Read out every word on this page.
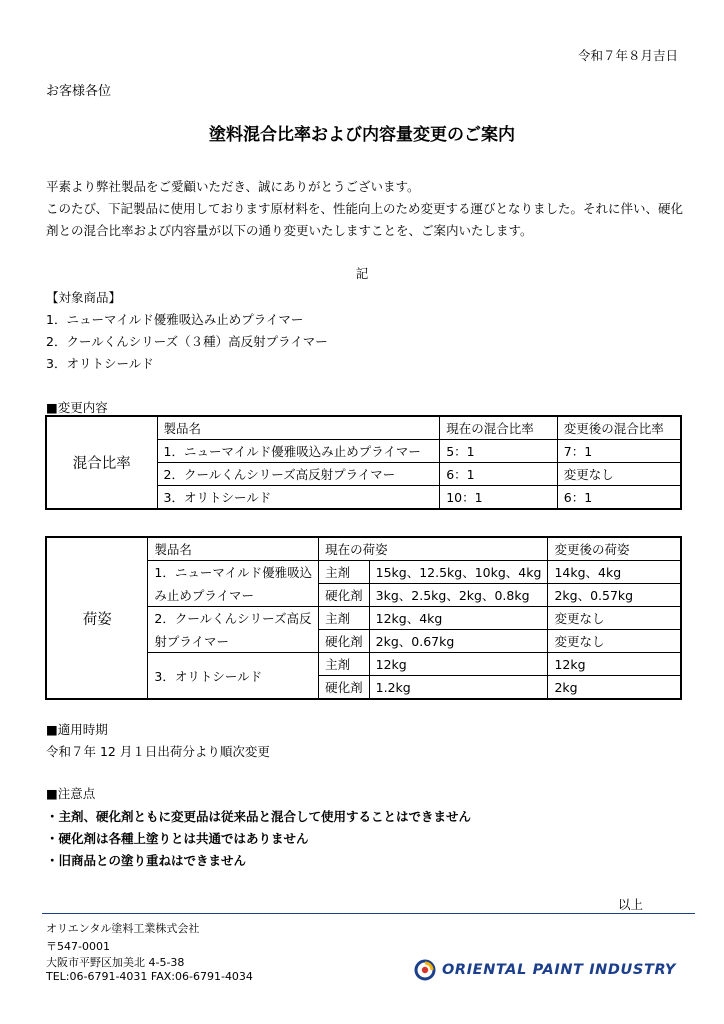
令和７年８月吉日
お客様各位
塗料混合比率および内容量変更のご案内
平素より弊社製品をご愛顧いただき、誠にありがとうございます。
このたび、下記製品に使用しております原材料を、性能向上のため変更する運びとなりました。それに伴い、硬化剤との混合比率および内容量が以下の通り変更いたしますことを、ご案内いたします。
記
【対象商品】
1．ニューマイルド優雅吸込み止めプライマー
2．クールくんシリーズ（３種）高反射プライマー
3．オリトシールド
■変更内容
混合比率	製品名	現在の混合比率	変更後の混合比率
	1．ニューマイルド優雅吸込み止めプライマー	5：1	7：1
	2．クールくんシリーズ高反射プライマー	6：1	変更なし
	3．オリトシールド	10：1	6：1
荷姿	製品名	現在の荷姿		変更後の荷姿
	1．ニューマイルド優雅吸込	主剤	15kg、12.5kg、10kg、4kg	14kg、4kg
	み止めプライマー	硬化剤	3kg、2.5kg、2kg、0.8kg	2kg、0.57kg
	2．クールくんシリーズ高反	主剤	12kg、4kg	変更なし
	射プライマー	硬化剤	2kg、0.67kg	変更なし
	3．オリトシールド	主剤	12kg	12kg
		硬化剤	1.2kg	2kg
■適用時期
令和７年 12 月１日出荷分より順次変更
■注意点
・主剤、硬化剤ともに変更品は従来品と混合して使用することはできません
・硬化剤は各種上塗りとは共通ではありません
・旧商品との塗り重ねはできません
以上
オリエンタル塗料工業株式会社
〒547-0001
大阪市平野区加美北 4-5-38
TEL:06-6791-4031 FAX:06-6791-4034	ORIENTAL PAINT INDUSTRY
